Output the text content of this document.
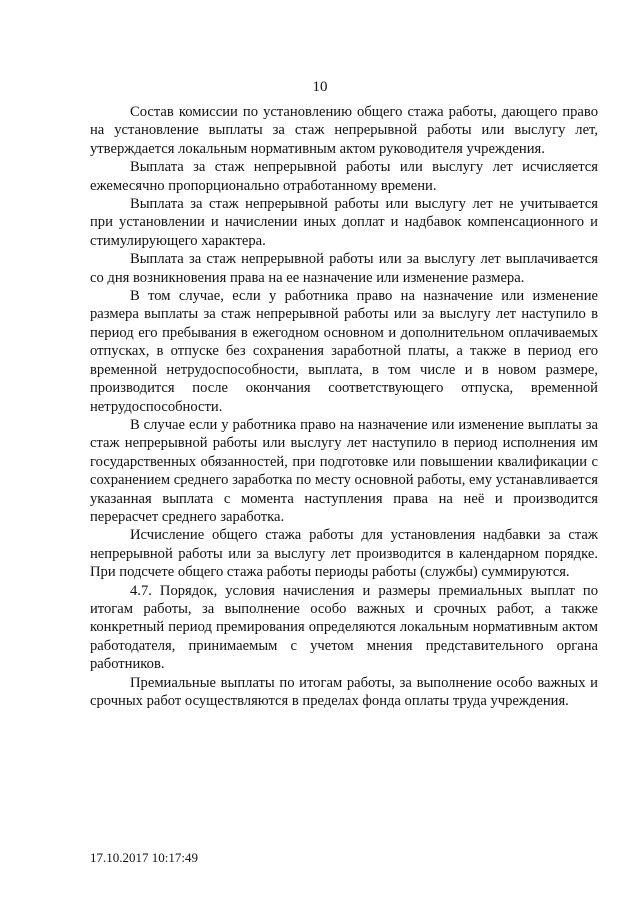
10

Состав комиссии по установлению общего стажа работы, дающего право на установление выплаты за стаж непрерывной работы или выслугу лет, утверждается локальным нормативным актом руководителя учреждения.

Выплата за стаж непрерывной работы или выслугу лет исчисляется ежемесячно пропорционально отработанному времени.

Выплата за стаж непрерывной работы или выслугу лет не учитывается при установлении и начислении иных доплат и надбавок компенсационного и стимулирующего характера.

Выплата за стаж непрерывной работы или за выслугу лет выплачивается со дня возникновения права на ее назначение или изменение размера.

В том случае, если у работника право на назначение или изменение размера выплаты за стаж непрерывной работы или за выслугу лет наступило в период его пребывания в ежегодном основном и дополнительном оплачиваемых отпусках, в отпуске без сохранения заработной платы, а также в период его временной нетрудоспособности, выплата, в том числе и в новом размере, производится после окончания соответствующего отпуска, временной нетрудоспособности.

В случае если у работника право на назначение или изменение выплаты за стаж непрерывной работы или выслугу лет наступило в период исполнения им государственных обязанностей, при подготовке или повышении квалификации с сохранением среднего заработка по месту основной работы, ему устанавливается указанная выплата с момента наступления права на неё и производится перерасчет среднего заработка.

Исчисление общего стажа работы для установления надбавки за стаж непрерывной работы или за выслугу лет производится в календарном порядке. При подсчете общего стажа работы периоды работы (службы) суммируются.

4.7. Порядок, условия начисления и размеры премиальных выплат по итогам работы, за выполнение особо важных и срочных работ, а также конкретный период премирования определяются локальным нормативным актом работодателя, принимаемым с учетом мнения представительного органа работников.

Премиальные выплаты по итогам работы, за выполнение особо важных и срочных работ осуществляются в пределах фонда оплаты труда учреждения.

17.10.2017 10:17:49
